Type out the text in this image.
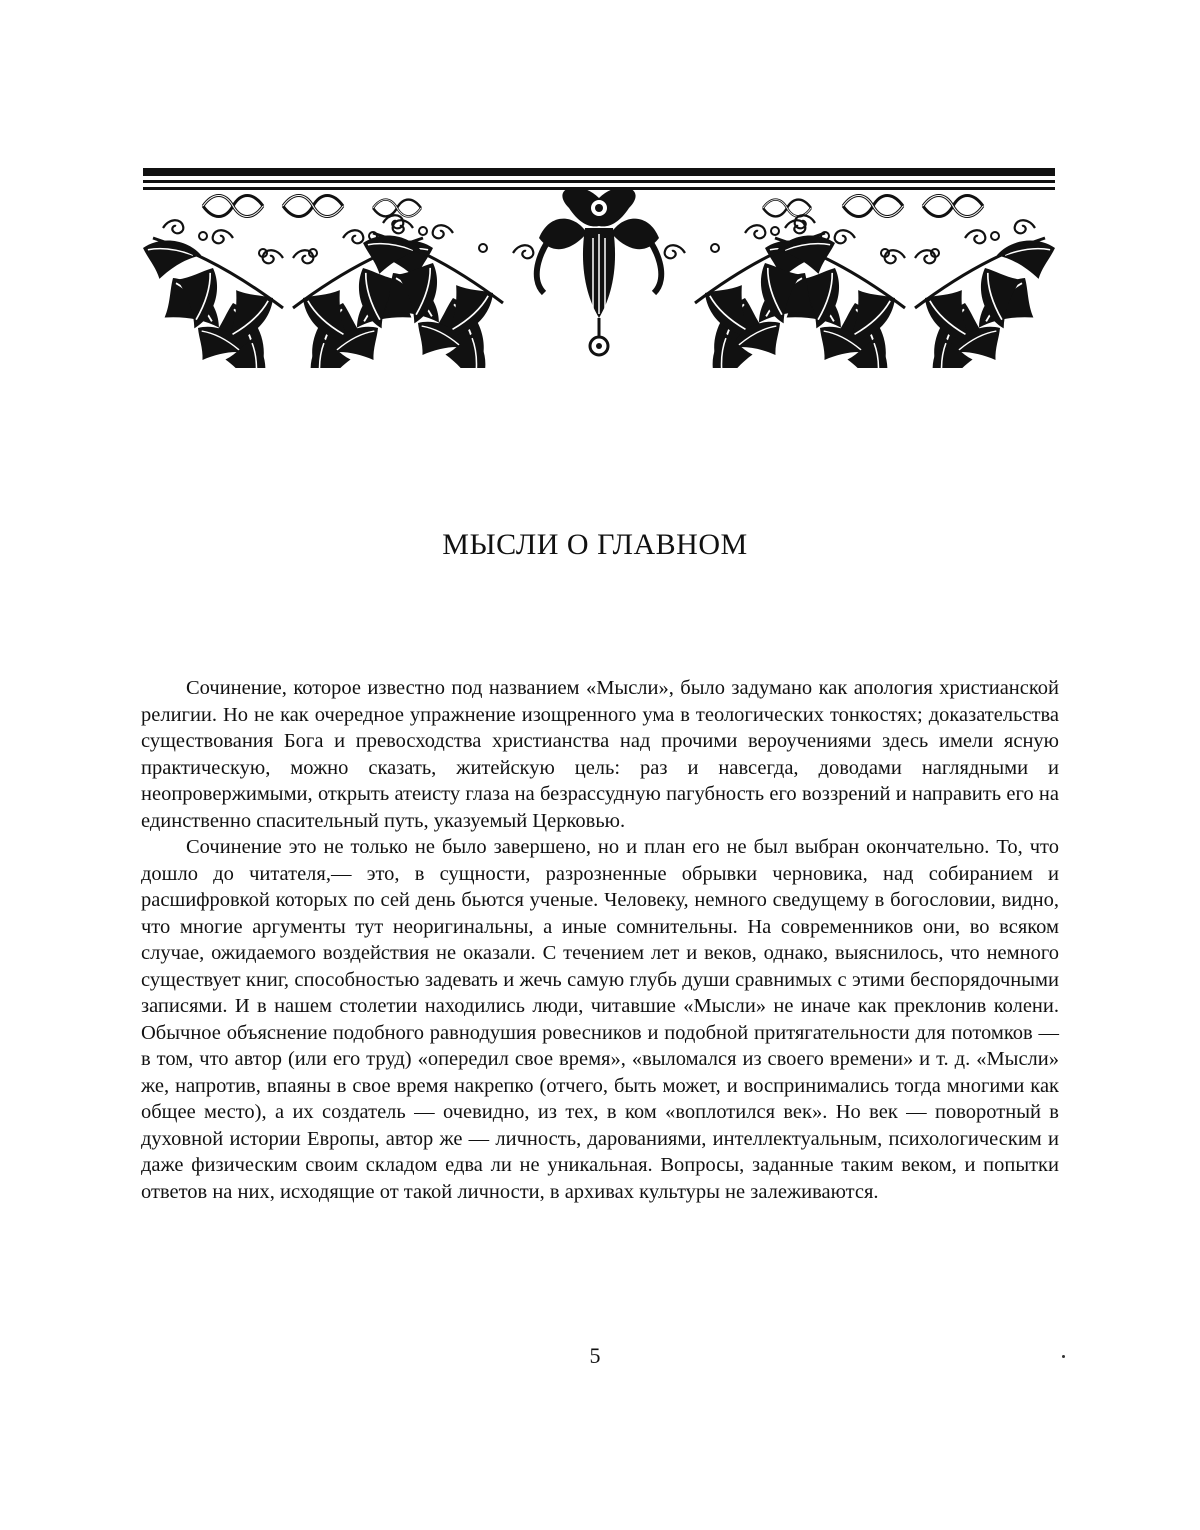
МЫСЛИ О ГЛАВНОМ

Сочинение, которое известно под названием «Мысли», было задумано как апология христианской религии. Но не как очередное упражнение изощренного ума в теологических тонкостях; доказательства существования Бога и превосходства христианства над прочими вероучениями здесь имели ясную практическую, можно сказать, житейскую цель: раз и навсегда, доводами наглядными и неопровержимыми, открыть атеисту глаза на безрассудную пагубность его воззрений и направить его на единственно спасительный путь, указуемый Церковью.

Сочинение это не только не было завершено, но и план его не был выбран окончательно. То, что дошло до читателя,— это, в сущности, разрозненные обрывки черновика, над собиранием и расшифровкой которых по сей день бьются ученые. Человеку, немного сведущему в богословии, видно, что многие аргументы тут неоригинальны, а иные сомнительны. На современников они, во всяком случае, ожидаемого воздействия не оказали. С течением лет и веков, однако, выяснилось, что немного существует книг, способностью задевать и жечь самую глубь души сравнимых с этими беспорядочными записями. И в нашем столетии находились люди, читавшие «Мысли» не иначе как преклонив колени. Обычное объяснение подобного равнодушия ровесников и подобной притягательности для потомков — в том, что автор (или его труд) «опередил свое время», «выломался из своего времени» и т. д. «Мысли» же, напротив, впаяны в свое время накрепко (отчего, быть может, и воспринимались тогда многими как общее место), а их создатель — очевидно, из тех, в ком «воплотился век». Но век — поворотный в духовной истории Европы, автор же — личность, дарованиями, интеллектуальным, психологическим и даже физическим своим складом едва ли не уникальная. Вопросы, заданные таким веком, и попытки ответов на них, исходящие от такой личности, в архивах культуры не залеживаются.

5
